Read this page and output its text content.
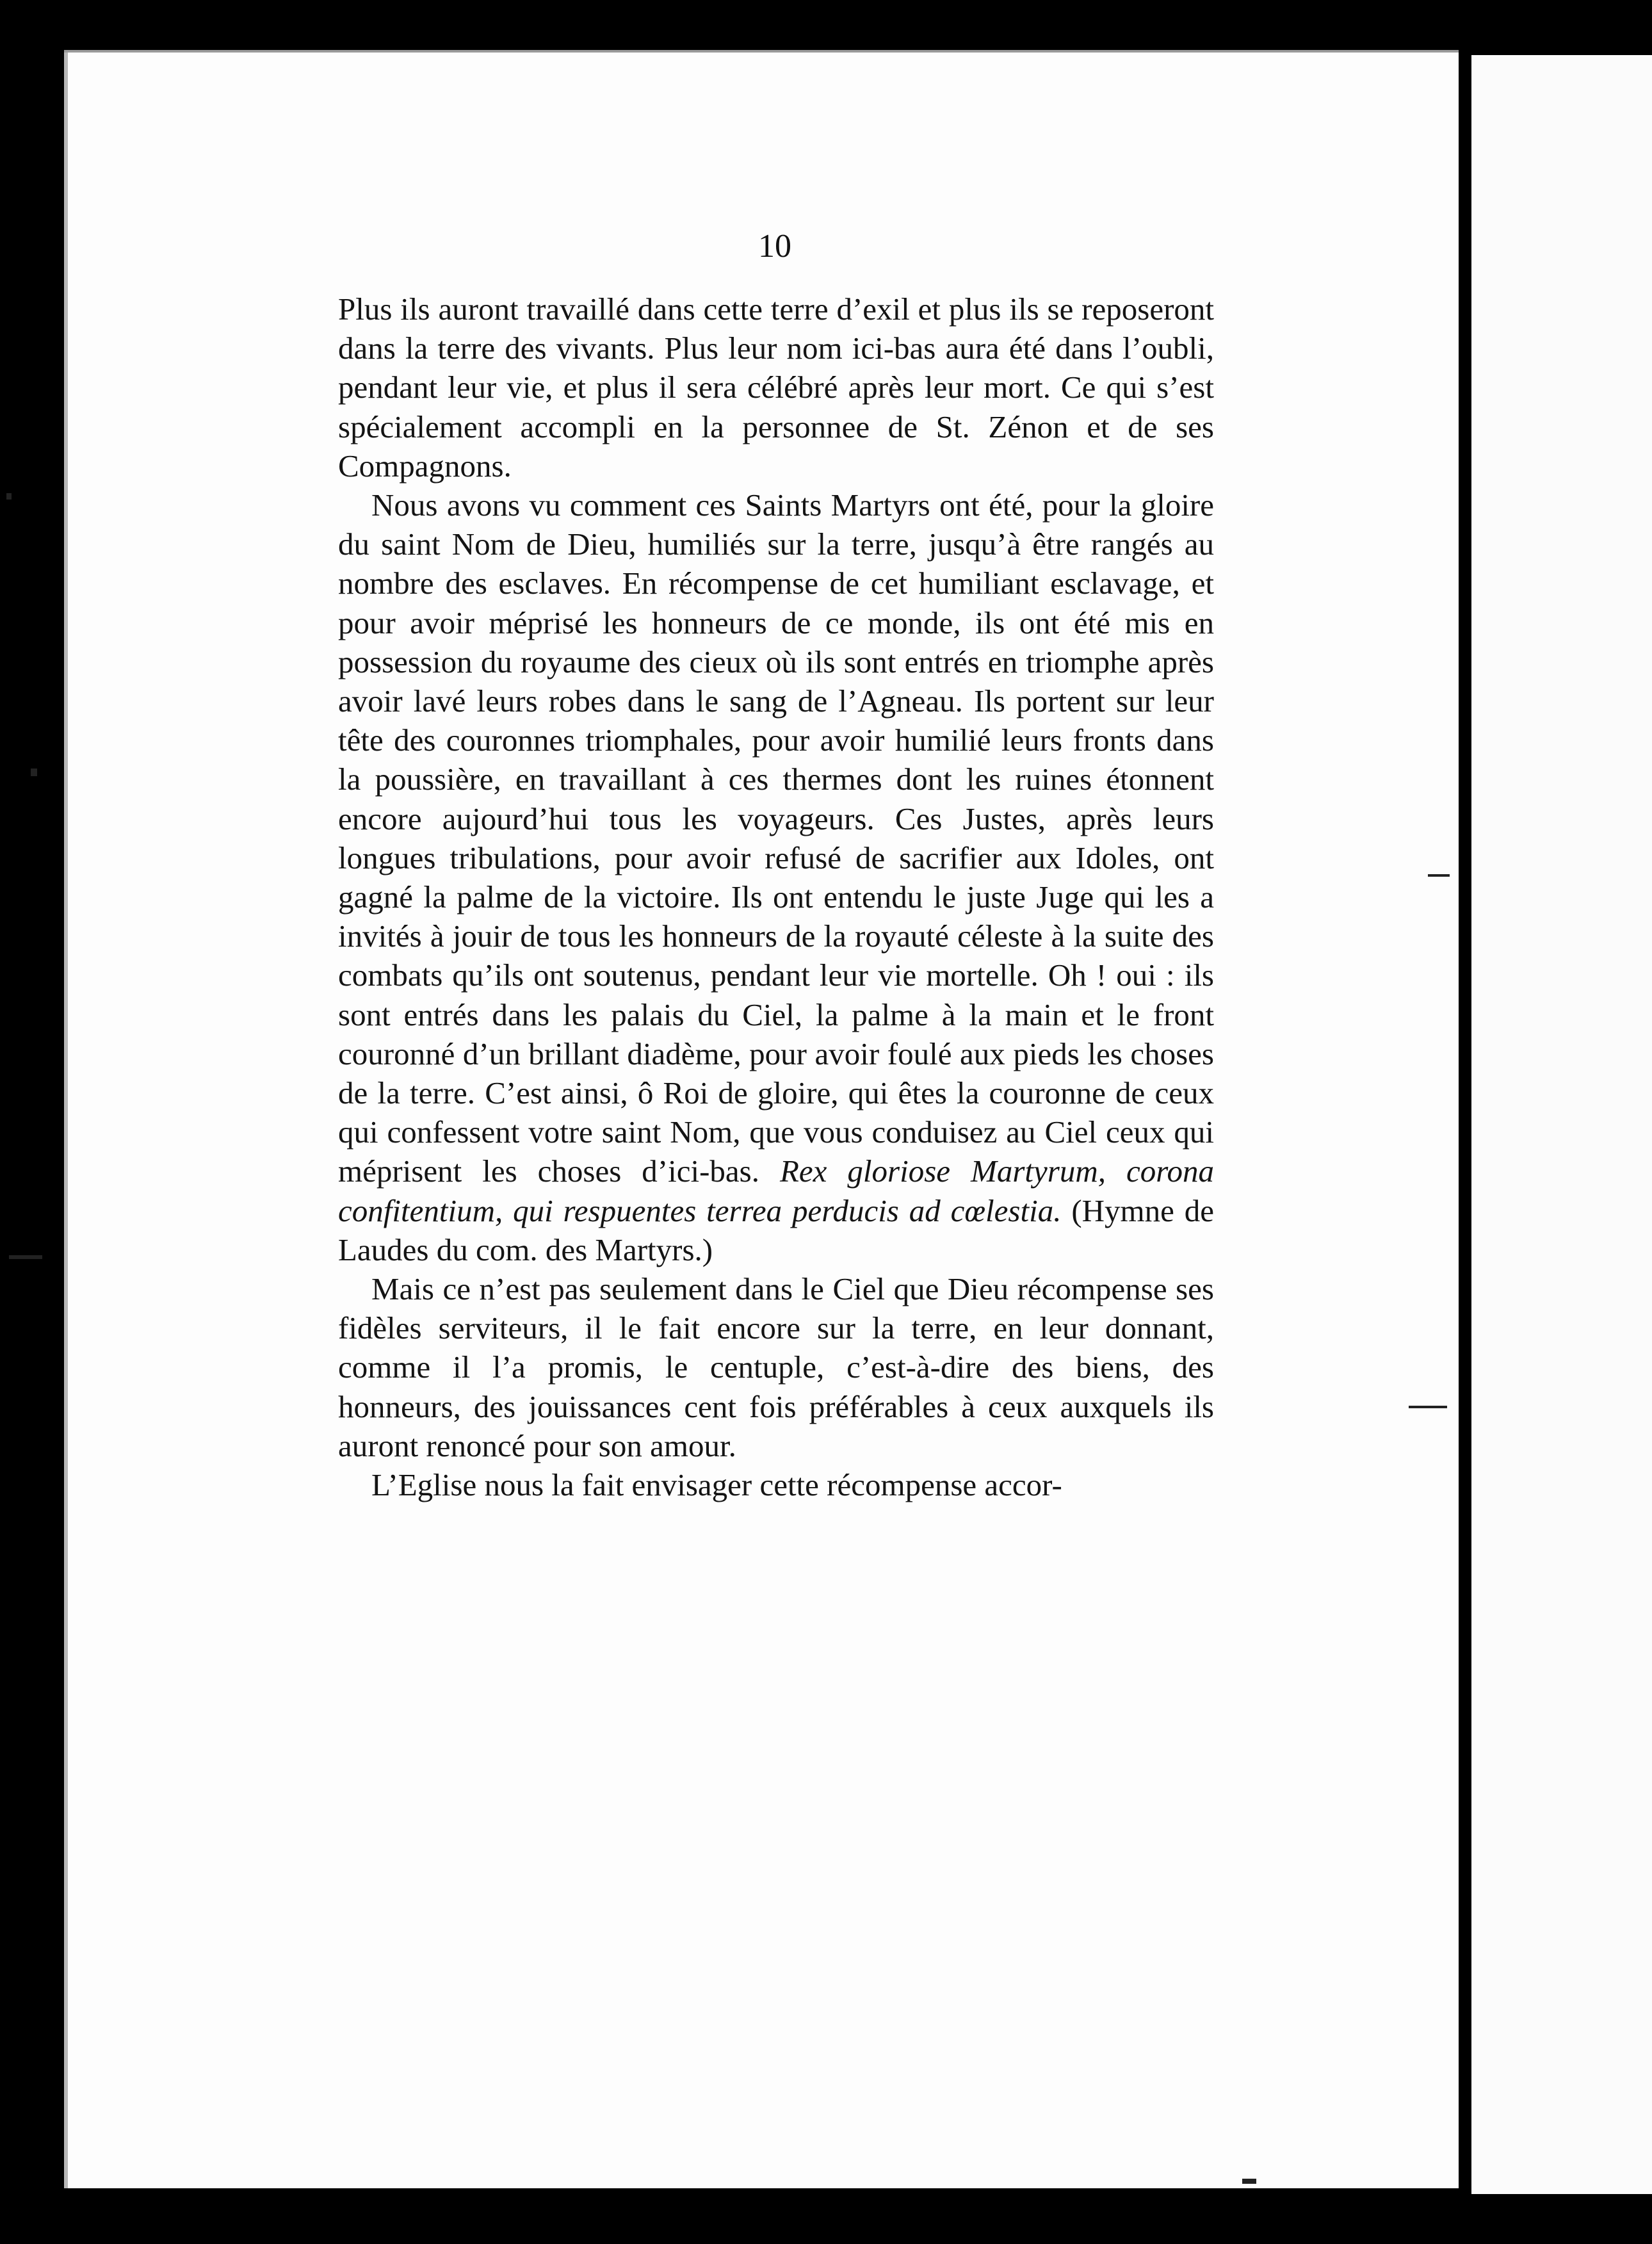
10

Plus ils auront travaillé dans cette terre d’exil et plus ils se reposeront dans la terre des vivants. Plus leur nom ici-bas aura été dans l’oubli, pendant leur vie, et plus il sera célébré après leur mort. Ce qui s’est spécialement accompli en la personnee de St. Zénon et de ses Compagnons.

Nous avons vu comment ces Saints Martyrs ont été, pour la gloire du saint Nom de Dieu, humiliés sur la terre, jusqu’à être rangés au nombre des esclaves. En récompense de cet humiliant esclavage, et pour avoir méprisé les honneurs de ce monde, ils ont été mis en possession du royaume des cieux où ils sont entrés en triomphe après avoir lavé leurs robes dans le sang de l’Agneau. Ils portent sur leur tête des couronnes triomphales, pour avoir humilié leurs fronts dans la poussière, en travaillant à ces thermes dont les ruines étonnent encore aujourd’hui tous les voyageurs. Ces Justes, après leurs longues tribulations, pour avoir refusé de sacrifier aux Idoles, ont gagné la palme de la victoire. Ils ont entendu le juste Juge qui les a invités à jouir de tous les honneurs de la royauté céleste à la suite des combats qu’ils ont soutenus, pendant leur vie mortelle. Oh ! oui : ils sont entrés dans les palais du Ciel, la palme à la main et le front couronné d’un brillant diadème, pour avoir foulé aux pieds les choses de la terre. C’est ainsi, ô Roi de gloire, qui êtes la couronne de ceux qui confessent votre saint Nom, que vous conduisez au Ciel ceux qui méprisent les choses d’ici-bas. Rex gloriose Martyrum, corona confitentium, qui respuentes terrea perducis ad cœlestia. (Hymne de Laudes du com. des Martyrs.)

Mais ce n’est pas seulement dans le Ciel que Dieu récompense ses fidèles serviteurs, il le fait encore sur la terre, en leur donnant, comme il l’a promis, le centuple, c’est-à-dire des biens, des honneurs, des jouissances cent fois préférables à ceux auxquels ils auront renoncé pour son amour.

L’Eglise nous la fait envisager cette récompense accor-
